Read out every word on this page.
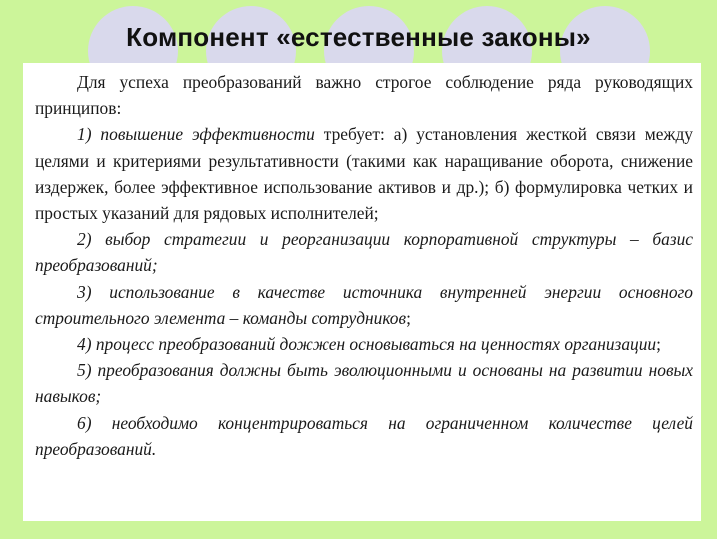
Компонент «естественные законы»

Для успеха преобразований важно строгое соблюдение ряда руководящих принципов:

1) повышение эффективности требует: а) установления жесткой связи между целями и критериями результативности (такими как наращивание оборота, снижение издержек, более эффективное использование активов и др.); б) формулировка четких и простых указаний для рядовых исполнителей;

2) выбор стратегии и реорганизации корпоративной структуры – базис преобразований;

3) использование в качестве источника внутренней энергии основного строительного элемента – команды сотрудников;

4) процесс преобразований дожжен основываться на ценностях организации;

5) преобразования должны быть эволюционными и основаны на развитии новых навыков;

6) необходимо концентрироваться на ограниченном количестве целей преобразований.
